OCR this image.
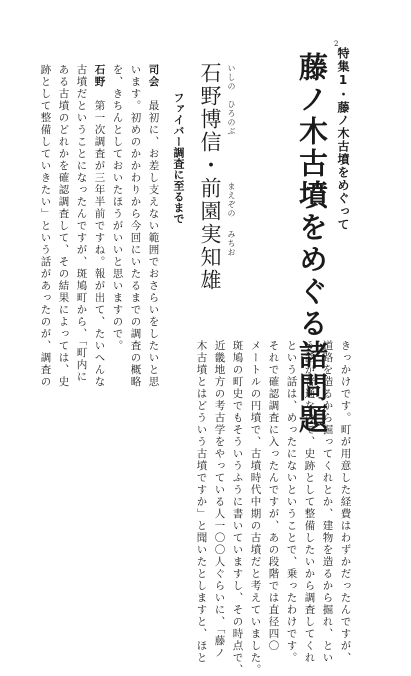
2
特集1・藤ノ木古墳をめぐって
藤ノ木古墳をめぐる諸問題
いしの
ひろのぶ
まえぞの
みちお
石野博信・前園実知雄
ファイバー調査に至るまで
司会　最初に、お差し支えない範囲でおさらいをしたいと思
います。初めのかかわりから今回にいたるまでの調査の概略
を、きちんとしておいたほうがいいと思いますので。
石野　第一次調査が三年半前ですね。報が出て、たいへんな
古墳だということになったんですが、斑鳩町から、「町内に
ある古墳のどれかを確認調査して、その結果によっては、史
跡として整備していきたい」という話があったのが、調査の
きっかけです。町が用意した経費はわずかだったんですが、
道路を造るから掘ってくれとか、建物を造るから掘れ、とい
う話が普通なので、史跡として整備したいから調査してくれ
という話は、めったにないということで、乗ったわけです。
それで確認調査に入ったんですが、あの段階では直径四〇
メートルの円墳で、古墳時代中期の古墳だと考えていました。
斑鳩の町史でもそういうふうに書いていますし、その時点で、
近畿地方の考古学をやっている人一〇〇人ぐらいに、「藤ノ
木古墳とはどういう古墳ですか」と聞いたとしますと、ほと
